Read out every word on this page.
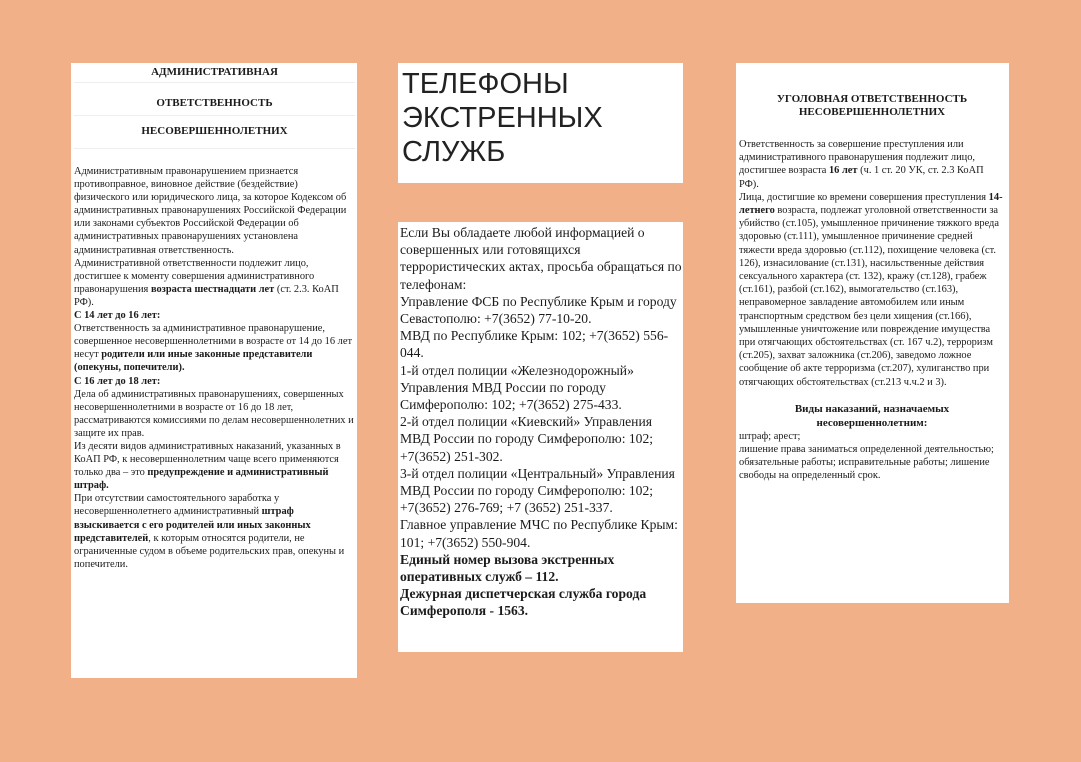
АДМИНИСТРАТИВНАЯ
ОТВЕТСТВЕННОСТЬ
НЕСОВЕРШЕННОЛЕТНИХ

Административным правонарушением признается противоправное, виновное действие (бездействие) физического или юридического лица, за которое Кодексом об административных правонарушениях Российской Федерации или законами субъектов Российской Федерации об административных правонарушениях установлена административная ответственность.

Административной ответственности подлежит лицо, достигшее к моменту совершения административного правонарушения возраста шестнадцати лет (ст. 2.3. КоАП РФ).

С 14 лет до 16 лет:

Ответственность за административное правонарушение, совершенное несовершеннолетними в возрасте от 14 до 16 лет несут родители или иные законные представители (опекуны, попечители).

С 16 лет до 18 лет:

Дела об административных правонарушениях, совершенных несовершеннолетними в возрасте от 16 до 18 лет, рассматриваются комиссиями по делам несовершеннолетних и защите их прав.

Из десяти видов административных наказаний, указанных в КоАП РФ, к несовершеннолетним чаще всего применяются только два – это предупреждение и административный штраф.

При отсутствии самостоятельного заработка у несовершеннолетнего административный штраф взыскивается с его родителей или иных законных представителей, к которым относятся родители, не ограниченные судом в объеме родительских прав, опекуны и попечители.

ТЕЛЕФОНЫ
ЭКСТРЕННЫХ
СЛУЖБ

Если Вы обладаете любой информацией о совершенных или готовящихся террористических актах, просьба обращаться по телефонам:

Управление ФСБ по Республике Крым и городу Севастополю: +7(3652) 77-10-20.

МВД по Республике Крым: 102; +7(3652) 556-044.

1-й отдел полиции «Железнодорожный» Управления МВД России по городу Симферополю: 102; +7(3652) 275-433.

2-й отдел полиции «Киевский» Управления МВД России по городу Симферополю: 102; +7(3652) 251-302.

3-й отдел полиции «Центральный» Управления МВД России по городу Симферополю: 102; +7(3652) 276-769; +7 (3652) 251-337.

Главное управление МЧС по Республике Крым: 101; +7(3652) 550-904.

Единый номер вызова экстренных оперативных служб – 112.

Дежурная диспетчерская служба города Симферополя - 1563.

УГОЛОВНАЯ ОТВЕТСТВЕННОСТЬ НЕСОВЕРШЕННОЛЕТНИХ

Ответственность за совершение преступления или административного правонарушения подлежит лицо, достигшее возраста 16 лет (ч. 1 ст. 20 УК, ст. 2.3 КоАП РФ).

Лица, достигшие ко времени совершения преступления 14-летнего возраста, подлежат уголовной ответственности за убийство (ст.105), умышленное причинение тяжкого вреда здоровью (ст.111), умышленное причинение средней тяжести вреда здоровью (ст.112), похищение человека (ст. 126), изнасилование (ст.131), насильственные действия сексуального характера (ст. 132), кражу (ст.128), грабеж (ст.161), разбой (ст.162), вымогательство (ст.163), неправомерное завладение автомобилем или иным транспортным средством без цели хищения (ст.166), умышленные уничтожение или повреждение имущества при отягчающих обстоятельствах (ст. 167 ч.2), терроризм (ст.205), захват заложника (ст.206), заведомо ложное сообщение об акте терроризма (ст.207), хулиганство при отягчающих обстоятельствах (ст.213 ч.ч.2 и 3).

Виды наказаний, назначаемых несовершеннолетним:

штраф; арест;

лишение права заниматься определенной деятельностью;

обязательные работы; исправительные работы; лишение свободы на определенный срок.
